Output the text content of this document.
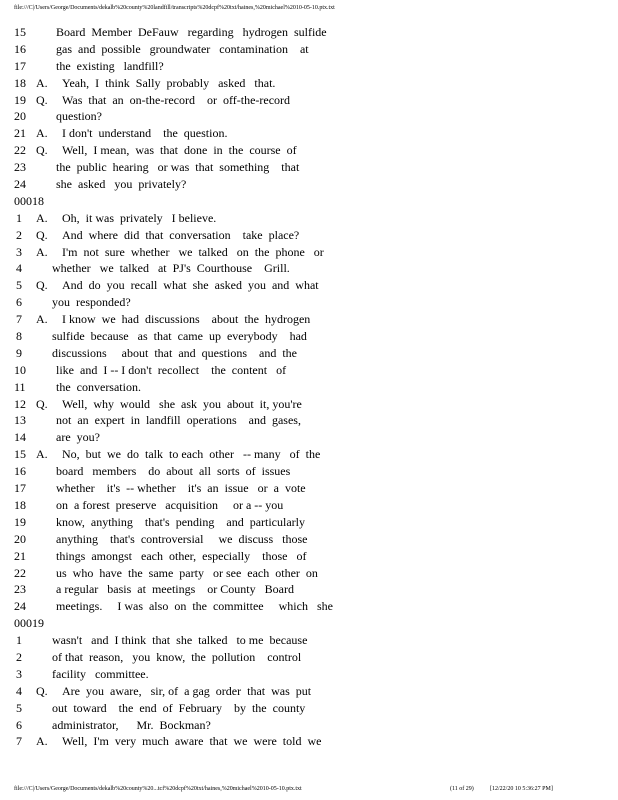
file:///C|/Users/George/Documents/dekalb%20county%20landfill/transcripts%20dcpf%20txt/haines,%20michael%2010-05-10.ptx.txt
15	Board  Member  DeFauw   regarding   hydrogen  sulfide
16	gas  and  possible   groundwater   contamination    at
17	the  existing   landfill?
18 A. Yeah,  I  think  Sally  probably   asked   that.
19 Q. Was  that  an  on-the-record    or  off-the-record
20	question?
21 A. I don't  understand    the  question.
22 Q. Well,  I mean,  was  that  done  in  the  course  of
23	the  public  hearing   or was  that  something    that
24	she  asked   you  privately?
00018
1 A. Oh,  it was  privately   I believe.
2 Q. And  where  did  that  conversation    take  place?
3 A. I'm  not  sure  whether   we  talked   on  the  phone   or
4	whether   we  talked   at  PJ's  Courthouse    Grill.
5 Q. And  do  you  recall  what  she  asked  you  and  what
6	you  responded?
7 A. I know  we  had  discussions    about  the  hydrogen
8	sulfide  because   as  that  came  up  everybody    had
9	discussions     about  that  and  questions    and  the
10	like  and  I -- I don't  recollect    the  content   of
11	the  conversation.
12 Q. Well,  why  would   she  ask  you  about  it, you're
13	not  an  expert  in  landfill  operations    and  gases,
14	are  you?
15 A. No,  but  we  do  talk  to each  other   -- many   of  the
16	board   members    do  about  all  sorts  of  issues
17	whether    it's  -- whether    it's  an  issue   or  a  vote
18	on  a forest  preserve   acquisition     or a -- you
19	know,  anything    that's  pending    and  particularly
20	anything    that's  controversial     we  discuss   those
21	things  amongst   each  other,  especially    those   of
22	us  who  have  the  same  party   or see  each  other  on
23	a regular   basis  at  meetings    or County   Board
24	meetings.     I was  also  on  the  committee     which   she
00019
1	wasn't   and  I think  that  she  talked   to me  because
2	of that  reason,   you  know,  the  pollution    control
3	facility   committee.
4 Q. Are  you  aware,   sir, of  a gag  order  that  was  put
5	out  toward    the  end  of  February    by  the  county
6	administrator,      Mr.  Bockman?
7 A. Well,  I'm  very  much  aware  that  we  were  told  we
file:///C|/Users/George/Documents/dekalb%20county%20...tcf%20dcpf%20txt/haines,%20michael%2010-05-10.ptx.txt	(11 of 29)	[12/22/20 10 5:36:27 PM]
